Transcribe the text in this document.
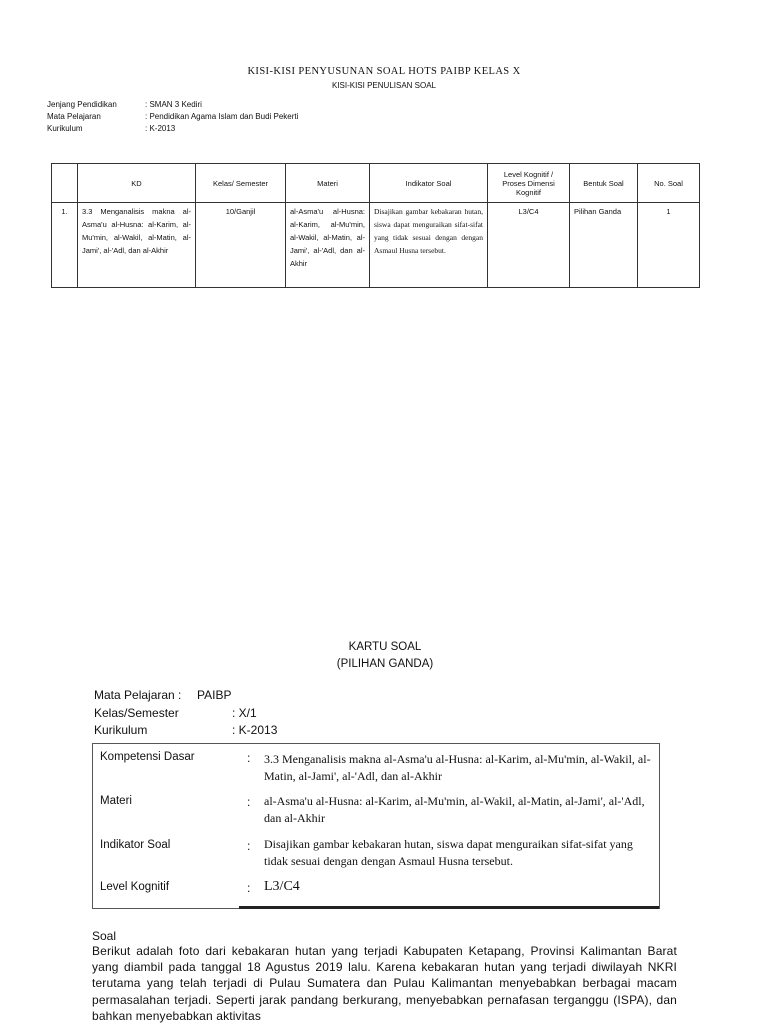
KISI-KISI PENYUSUNAN SOAL HOTS PAIBP KELAS X
KISI-KISI PENULISAN SOAL
Jenjang Pendidikan	: SMAN 3 Kediri
Mata Pelajaran	: Pendidikan Agama Islam dan Budi Pekerti
Kurikulum	: K-2013
	KD	Kelas/ Semester	Materi	Indikator Soal	Level Kognitif / Proses Dimensi Kognitif	Bentuk Soal	No. Soal
1.	3.3 Menganalisis makna al-Asma'u al-Husna: al-Karim, al-Mu'min, al-Wakil, al-Matin, al-Jami', al-'Adl, dan al-Akhir	10/Ganjil	al-Asma'u al-Husna: al-Karim, al-Mu'min, al-Wakil, al-Matin, al-Jami', al-'Adl, dan al-Akhir	Disajikan gambar kebakaran hutan, siswa dapat menguraikan sifat-sifat yang tidak sesuai dengan dengan Asmaul Husna tersebut.	L3/C4	Pilihan Ganda	1
KARTU SOAL
(PILIHAN GANDA)
Mata Pelajaran : PAIBP
Kelas/Semester	: X/1
Kurikulum	: K-2013
Kompetensi Dasar	: 3.3 Menganalisis makna al-Asma'u al-Husna: al-Karim, al-Mu'min, al-Wakil, al-Matin, al-Jami', al-'Adl, dan al-Akhir
Materi	: al-Asma'u al-Husna: al-Karim, al-Mu'min, al-Wakil, al-Matin, al-Jami', al-'Adl, dan al-Akhir
Indikator Soal	: Disajikan gambar kebakaran hutan, siswa dapat menguraikan sifat-sifat yang tidak sesuai dengan dengan Asmaul Husna tersebut.
Level Kognitif	: L3/C4
Soal
Berikut adalah foto dari kebakaran hutan yang terjadi Kabupaten Ketapang, Provinsi Kalimantan Barat yang diambil pada tanggal 18 Agustus 2019 lalu. Karena kebakaran hutan yang terjadi diwilayah NKRI terutama yang telah terjadi di Pulau Sumatera dan Pulau Kalimantan menyebabkan berbagai macam permasalahan terjadi. Seperti jarak pandang berkurang, menyebabkan pernafasan terganggu (ISPA), dan bahkan menyebabkan aktivitas
